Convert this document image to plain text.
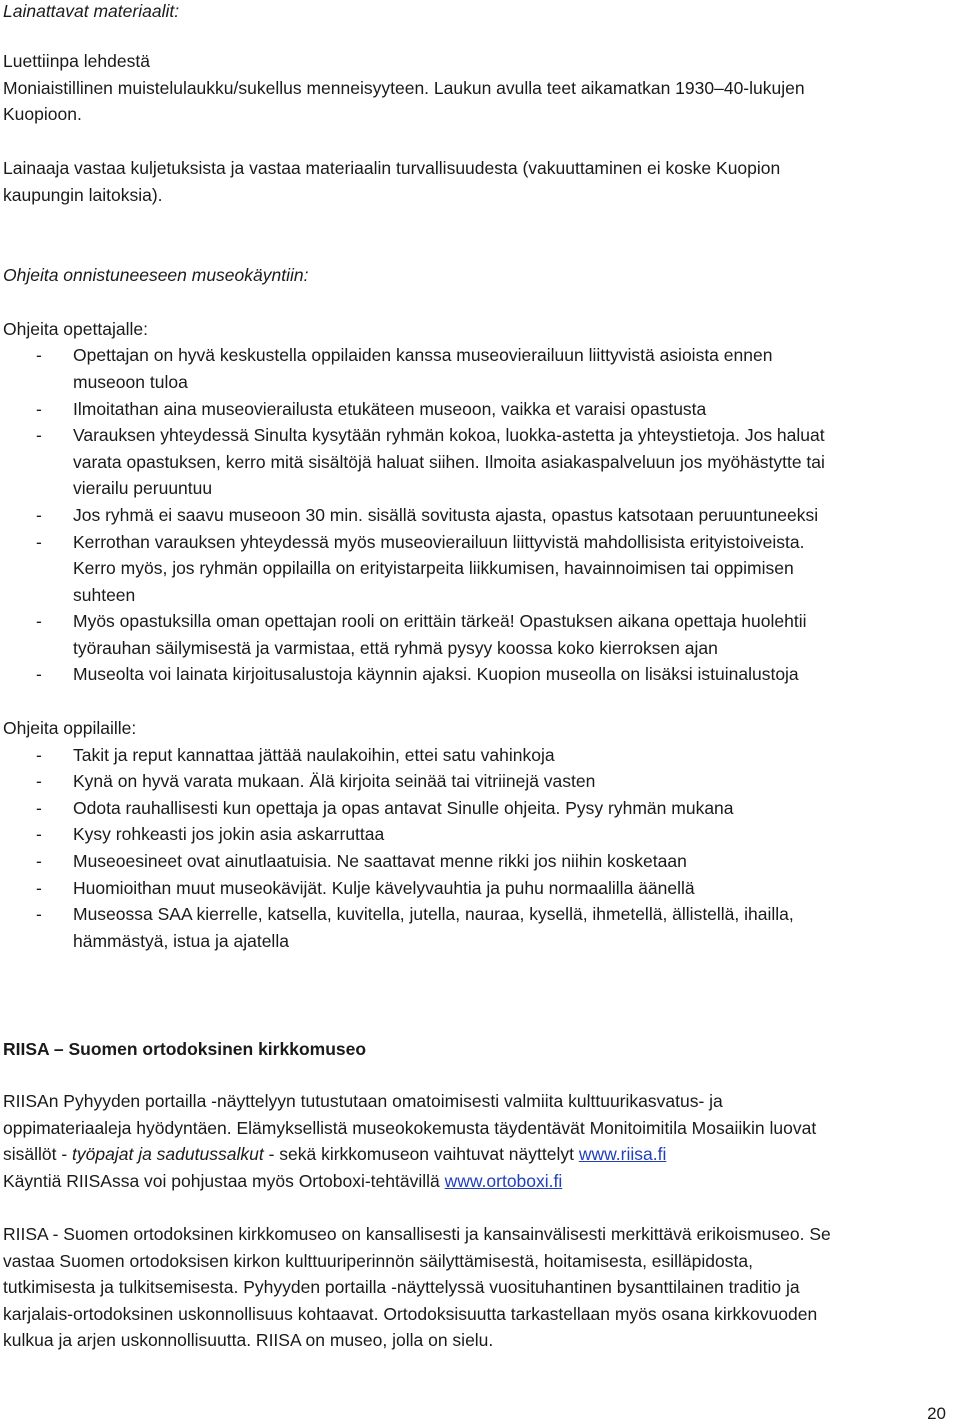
Lainattavat materiaalit:
Luettiinpa lehdestä
Moniaistillinen muistelulaukku/sukellus menneisyyteen. Laukun avulla teet aikamatkan 1930–40-lukujen
Kuopioon.
Lainaaja vastaa kuljetuksista ja vastaa materiaalin turvallisuudesta (vakuuttaminen ei koske Kuopion
kaupungin laitoksia).
Ohjeita onnistuneeseen museokäyntiin:
Ohjeita opettajalle:
- Opettajan on hyvä keskustella oppilaiden kanssa museovierailuun liittyvistä asioista ennen
museoon tuloa
- Ilmoitathan aina museovierailusta etukäteen museoon, vaikka et varaisi opastusta
- Varauksen yhteydessä Sinulta kysytään ryhmän kokoa, luokka-astetta ja yhteystietoja. Jos haluat
varata opastuksen, kerro mitä sisältöjä haluat siihen. Ilmoita asiakaspalveluun jos myöhästytte tai
vierailu peruuntuu
- Jos ryhmä ei saavu museoon 30 min. sisällä sovitusta ajasta, opastus katsotaan peruuntuneeksi
- Kerrothan varauksen yhteydessä myös museovierailuun liittyvistä mahdollisista erityistoiveista.
Kerro myös, jos ryhmän oppilailla on erityistarpeita liikkumisen, havainnoimisen tai oppimisen
suhteen
- Myös opastuksilla oman opettajan rooli on erittäin tärkeä! Opastuksen aikana opettaja huolehtii
työrauhan säilymisestä ja varmistaa, että ryhmä pysyy koossa koko kierroksen ajan
- Museolta voi lainata kirjoitusalustoja käynnin ajaksi. Kuopion museolla on lisäksi istuinalustoja
Ohjeita oppilaille:
- Takit ja reput kannattaa jättää naulakoihin, ettei satu vahinkoja
- Kynä on hyvä varata mukaan. Älä kirjoita seinää tai vitriinejä vasten
- Odota rauhallisesti kun opettaja ja opas antavat Sinulle ohjeita. Pysy ryhmän mukana
- Kysy rohkeasti jos jokin asia askarruttaa
- Museoesineet ovat ainutlaatuisia. Ne saattavat menne rikki jos niihin kosketaan
- Huomioithan muut museokävijät. Kulje kävelyvauhtia ja puhu normaalilla äänellä
- Museossa SAA kierrelle, katsella, kuvitella, jutella, nauraa, kysellä, ihmetellä, ällistellä, ihailla,
hämmästyä, istua ja ajatella
RIISA – Suomen ortodoksinen kirkkomuseo
RIISAn Pyhyyden portailla -näyttelyyn tutustutaan omatoimisesti valmiita kulttuurikasvatus- ja
oppimateriaaleja hyödyntäen. Elämyksellistä museokokemusta täydentävät Monitoimitila Mosaiikin luovat
sisällöt - työpajat ja sadutussalkut - sekä kirkkomuseon vaihtuvat näyttelyt www.riisa.fi
Käyntiä RIISAssa voi pohjustaa myös Ortoboxi-tehtävillä www.ortoboxi.fi
RIISA - Suomen ortodoksinen kirkkomuseo on kansallisesti ja kansainvälisesti merkittävä erikoismuseo. Se
vastaa Suomen ortodoksisen kirkon kulttuuriperinnön säilyttämisestä, hoitamisesta, esilläpidosta,
tutkimisesta ja tulkitsemisesta. Pyhyyden portailla -näyttelyssä vuosituhantinen bysanttilainen traditio ja
karjalais-ortodoksinen uskonnollisuus kohtaavat. Ortodoksisuutta tarkastellaan myös osana kirkkovuoden
kulkua ja arjen uskonnollisuutta. RIISA on museo, jolla on sielu.
20
